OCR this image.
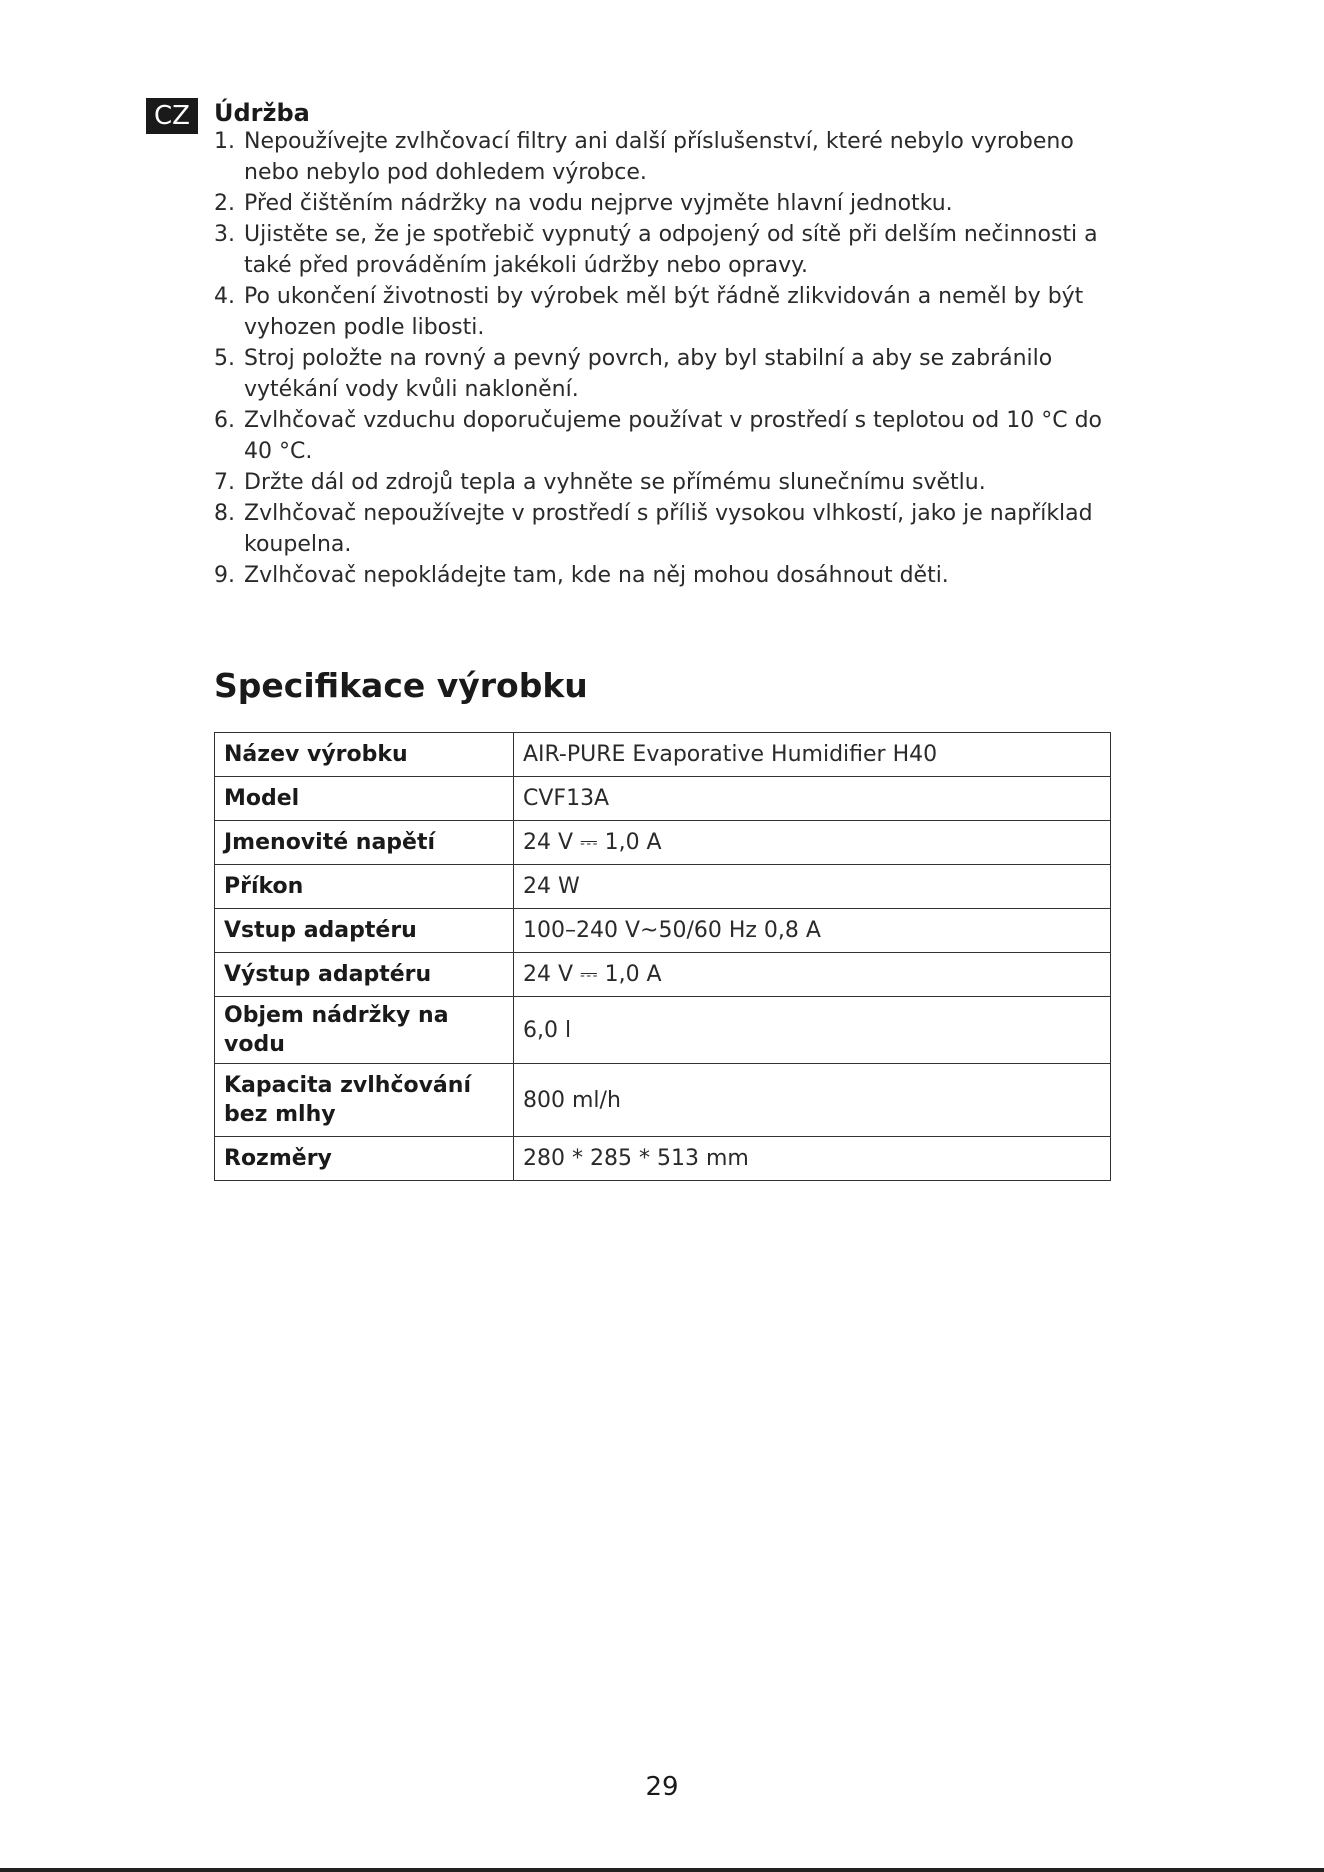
CZ	Údržba
1. Nepoužívejte zvlhčovací filtry ani další příslušenství, které nebylo vyrobeno nebo nebylo pod dohledem výrobce.
2. Před čištěním nádržky na vodu nejprve vyjměte hlavní jednotku.
3. Ujistěte se, že je spotřebič vypnutý a odpojený od sítě při delším nečinnosti a také před prováděním jakékoli údržby nebo opravy.
4. Po ukončení životnosti by výrobek měl být řádně zlikvidován a neměl by být vyhozen podle libosti.
5. Stroj položte na rovný a pevný povrch, aby byl stabilní a aby se zabránilo vytékání vody kvůli naklonění.
6. Zvlhčovač vzduchu doporučujeme používat v prostředí s teplotou od 10 °C do 40 °C.
7. Držte dál od zdrojů tepla a vyhněte se přímému slunečnímu světlu.
8. Zvlhčovač nepoužívejte v prostředí s příliš vysokou vlhkostí, jako je například koupelna.
9. Zvlhčovač nepokládejte tam, kde na něj mohou dosáhnout děti.
Specifikace výrobku
Název výrobku	AIR-PURE Evaporative Humidifier H40
Model	CVF13A
Jmenovité napětí	24 V ⎓ 1,0 A
Příkon	24 W
Vstup adaptéru	100–240 V~50/60 Hz 0,8 A
Výstup adaptéru	24 V ⎓ 1,0 A
Objem nádržky na vodu	6,0 l
Kapacita zvlhčování bez mlhy	800 ml/h
Rozměry	280 * 285 * 513 mm
29
